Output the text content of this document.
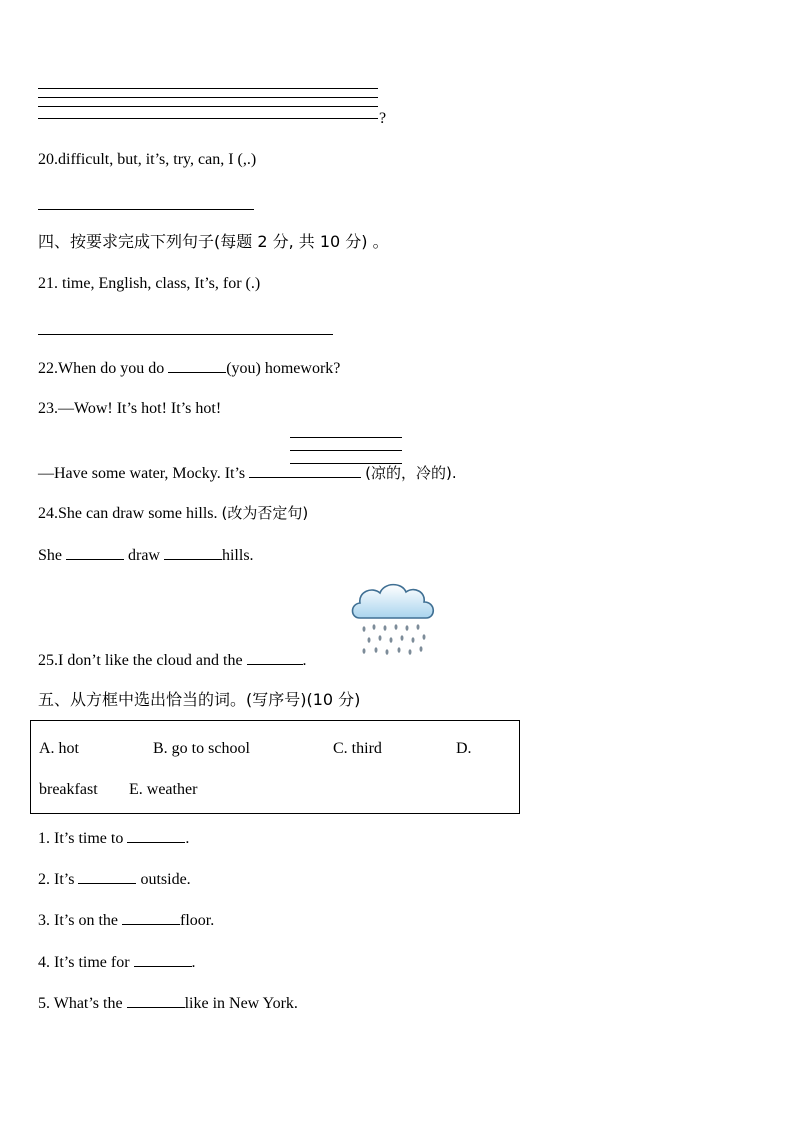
?
20.difficult, but, it’s, try, can, I (,.)
四、按要求完成下列句子(每题 2 分, 共 10 分) 。
21. time, English, class, It’s, for (.)
22.When do you do	(you) homework?
23.—Wow! It’s hot! It’s hot!
—Have some water, Mocky. It’s	(凉的，冷的).
24.She can draw some hills. (改为否定句)
She	draw	hills.
25.I don’t like the cloud and the	.
五、从方框中选出恰当的词。(写序号)(10 分)
A. hot	B. go to school	C. third	D.
breakfast E. weather
1. It’s time to	.
2. It’s	outside.
3. It’s on the	floor.
4. It’s time for	.
5. What’s the	like in New York.
